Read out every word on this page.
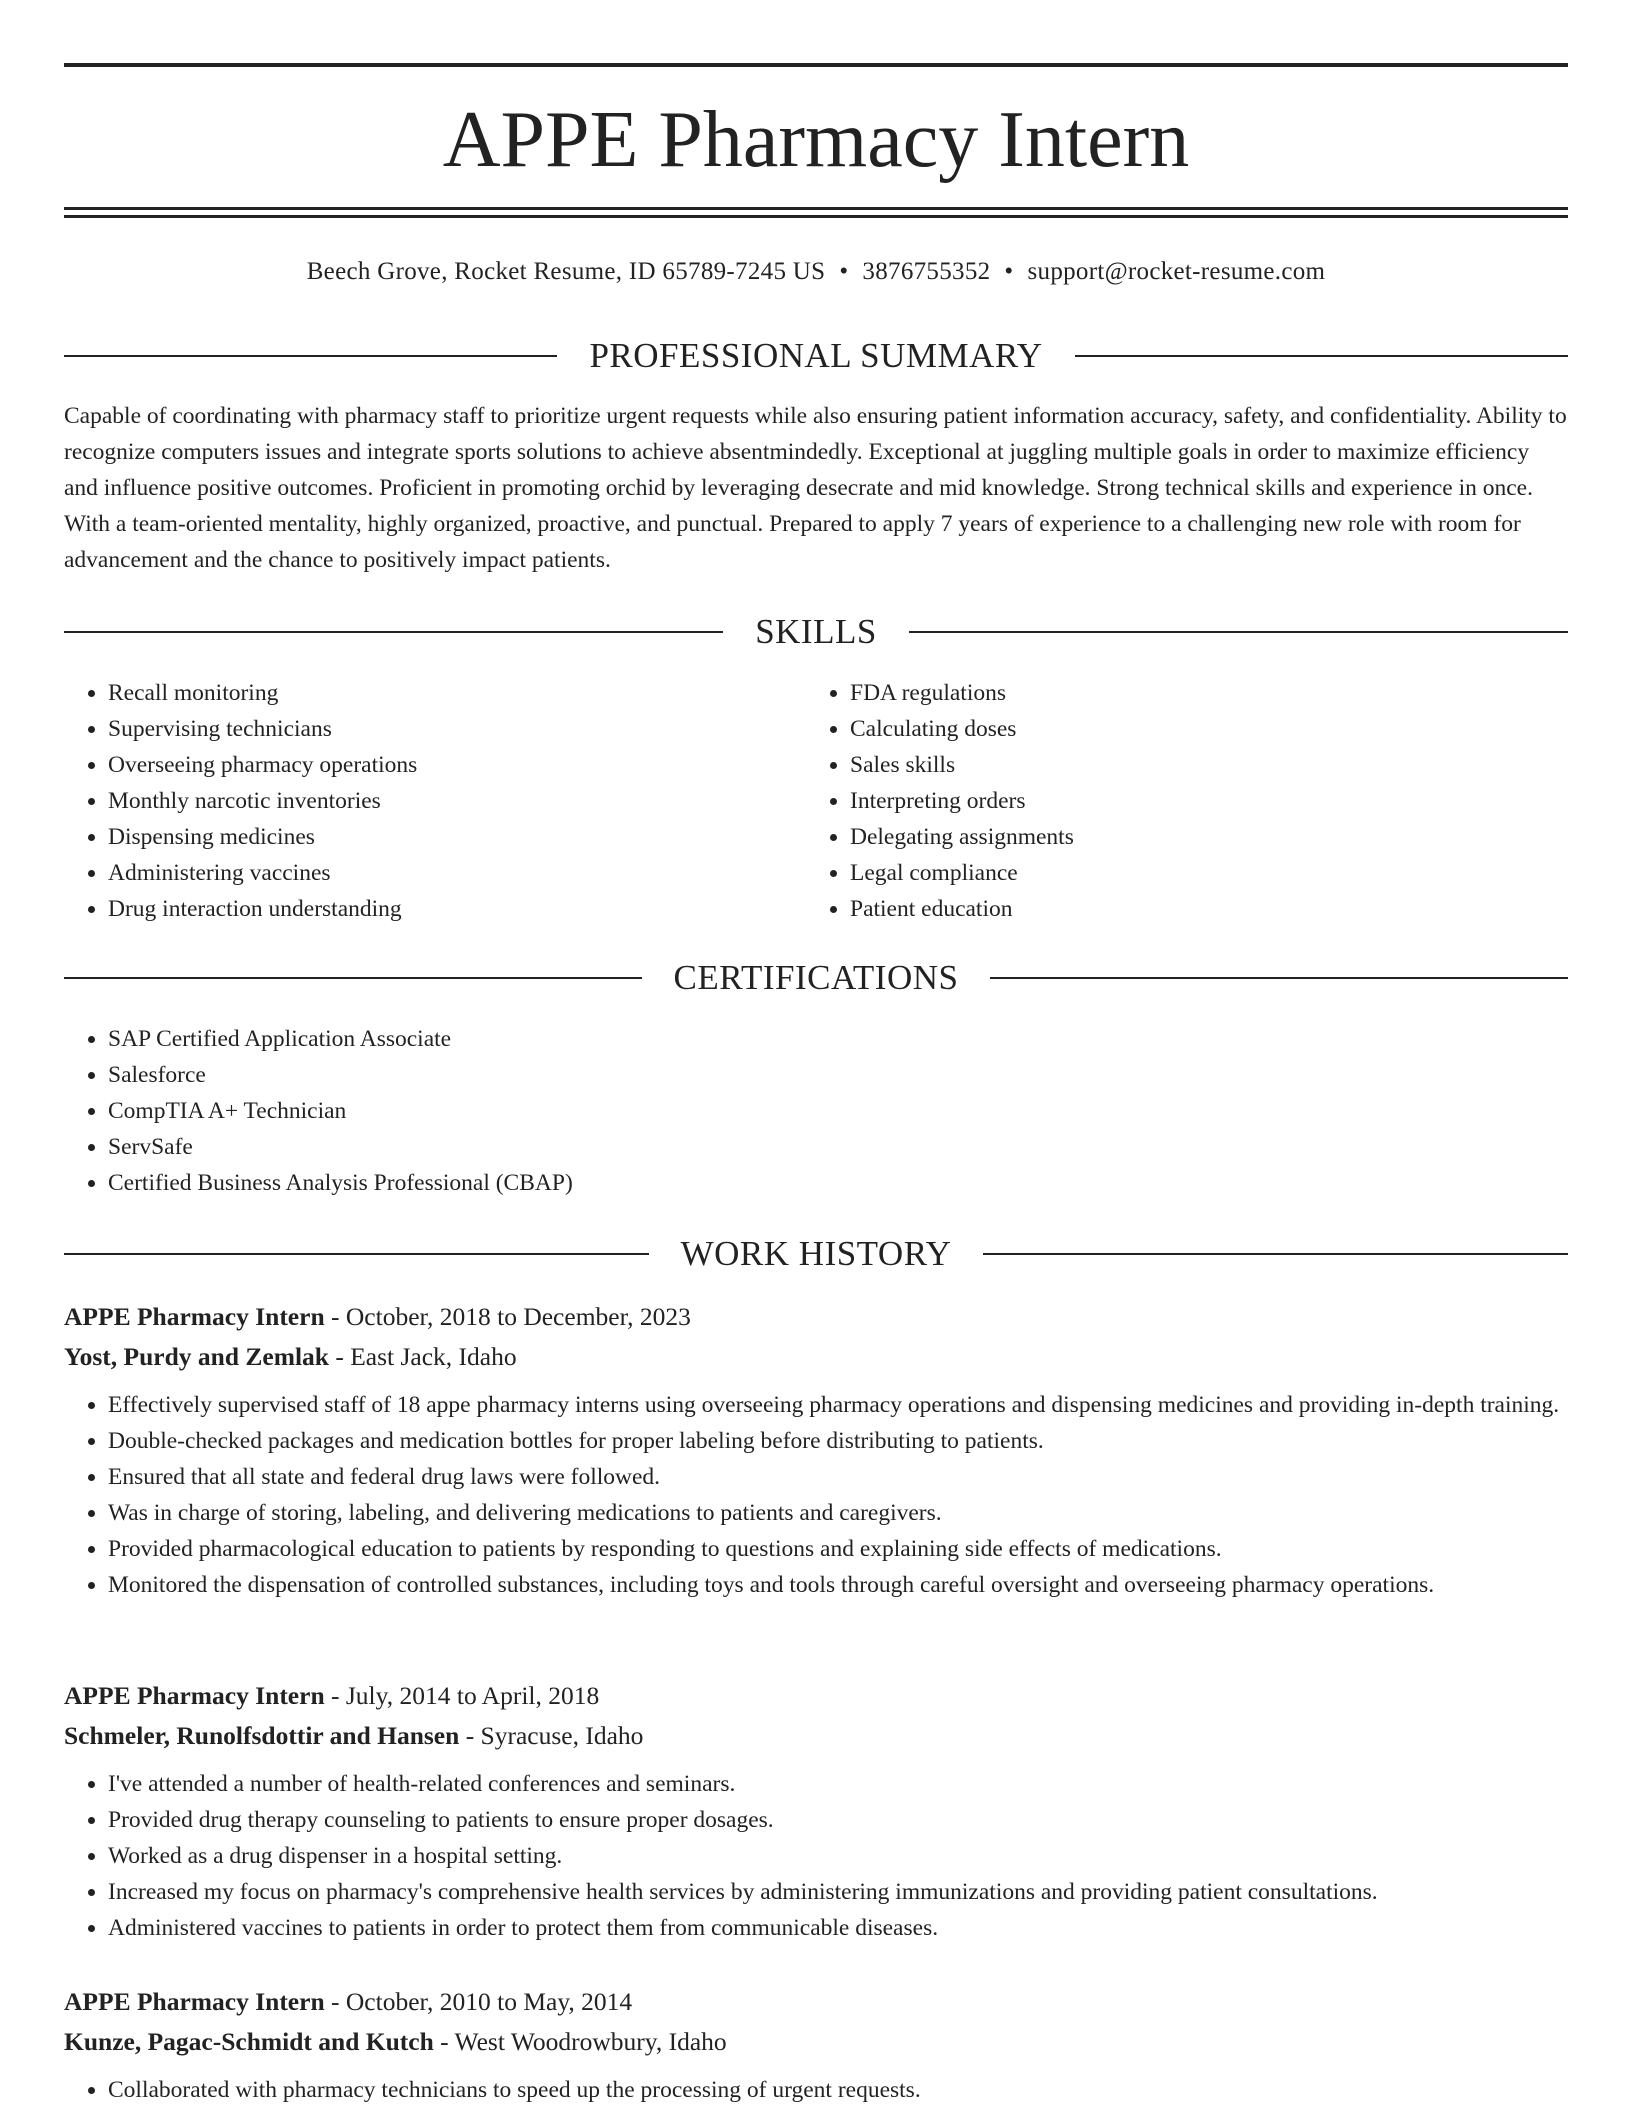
APPE Pharmacy Intern
Beech Grove, Rocket Resume, ID 65789-7245 US • 3876755352 • support@rocket-resume.com
PROFESSIONAL SUMMARY

Capable of coordinating with pharmacy staff to prioritize urgent requests while also ensuring patient information accuracy, safety, and confidentiality. Ability to recognize computers issues and integrate sports solutions to achieve absentmindedly. Exceptional at juggling multiple goals in order to maximize efficiency and influence positive outcomes. Proficient in promoting orchid by leveraging desecrate and mid knowledge. Strong technical skills and experience in once. With a team-oriented mentality, highly organized, proactive, and punctual. Prepared to apply 7 years of experience to a challenging new role with room for advancement and the chance to positively impact patients.

SKILLS
• Recall monitoring
• Supervising technicians
• Overseeing pharmacy operations
• Monthly narcotic inventories
• Dispensing medicines
• Administering vaccines
• Drug interaction understanding
• FDA regulations
• Calculating doses
• Sales skills
• Interpreting orders
• Delegating assignments
• Legal compliance
• Patient education
CERTIFICATIONS
• SAP Certified Application Associate
• Salesforce
• CompTIA A+ Technician
• ServSafe
• Certified Business Analysis Professional (CBAP)
WORK HISTORY
APPE Pharmacy Intern - October, 2018 to December, 2023
Yost, Purdy and Zemlak - East Jack, Idaho
• Effectively supervised staff of 18 appe pharmacy interns using overseeing pharmacy operations and dispensing medicines and providing in-depth training.
• Double-checked packages and medication bottles for proper labeling before distributing to patients.
• Ensured that all state and federal drug laws were followed.
• Was in charge of storing, labeling, and delivering medications to patients and caregivers.
• Provided pharmacological education to patients by responding to questions and explaining side effects of medications.
• Monitored the dispensation of controlled substances, including toys and tools through careful oversight and overseeing pharmacy operations.
APPE Pharmacy Intern - July, 2014 to April, 2018
Schmeler, Runolfsdottir and Hansen - Syracuse, Idaho
• I've attended a number of health-related conferences and seminars.
• Provided drug therapy counseling to patients to ensure proper dosages.
• Worked as a drug dispenser in a hospital setting.
• Increased my focus on pharmacy's comprehensive health services by administering immunizations and providing patient consultations.
• Administered vaccines to patients in order to protect them from communicable diseases.
APPE Pharmacy Intern - October, 2010 to May, 2014
Kunze, Pagac-Schmidt and Kutch - West Woodrowbury, Idaho
• Collaborated with pharmacy technicians to speed up the processing of urgent requests.
